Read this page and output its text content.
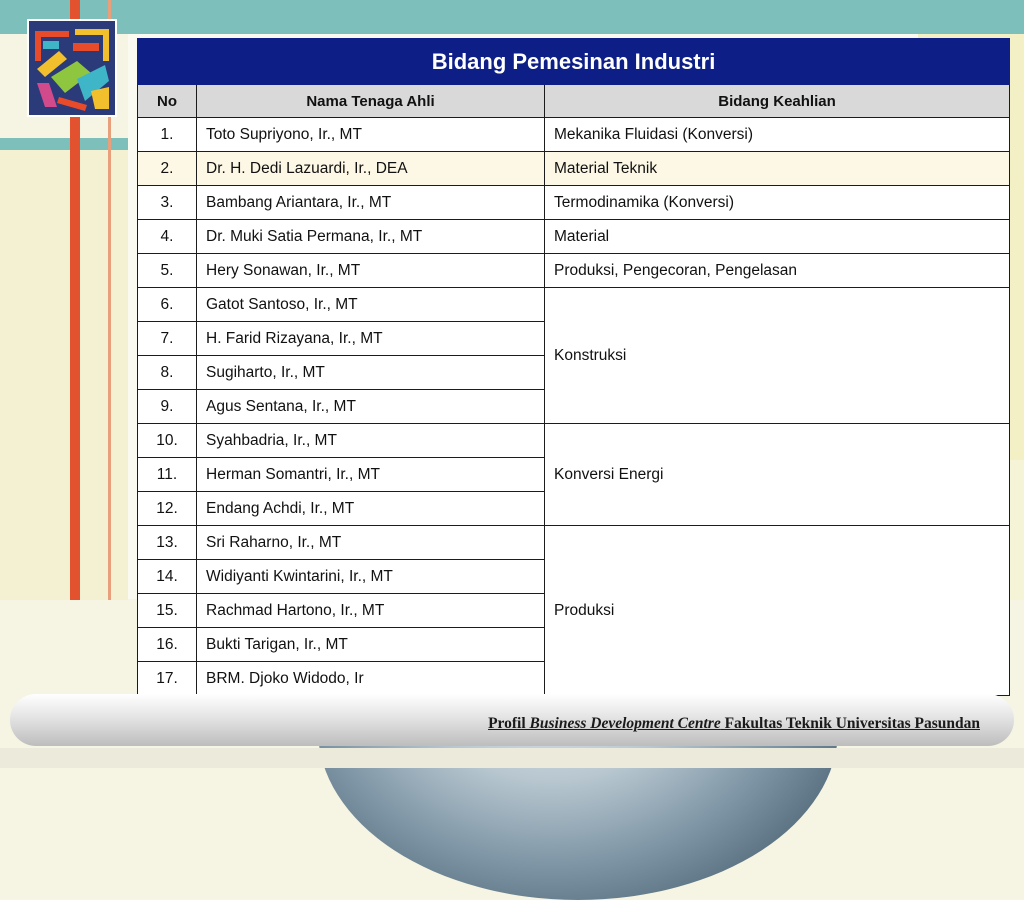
Bidang Pemesinan Industri		
No	Nama Tenaga Ahli	Bidang Keahlian
1.	Toto Supriyono, Ir., MT	Mekanika Fluidasi (Konversi)
2.	Dr. H. Dedi Lazuardi, Ir., DEA	Material Teknik
3.	Bambang Ariantara, Ir., MT	Termodinamika (Konversi)
4.	Dr. Muki Satia Permana, Ir., MT	Material
5.	Hery Sonawan, Ir., MT	Produksi, Pengecoran, Pengelasan
6.	Gatot Santoso, Ir., MT	Konstruksi
7.	H. Farid Rizayana, Ir., MT	
8.	Sugiharto, Ir., MT	
9.	Agus Sentana, Ir., MT	
10.	Syahbadria, Ir., MT	Konversi Energi
11.	Herman Somantri, Ir., MT	
12.	Endang Achdi, Ir., MT	
13.	Sri Raharno, Ir., MT	Produksi
14.	Widiyanti Kwintarini, Ir., MT	
15.	Rachmad Hartono, Ir., MT	
16.	Bukti Tarigan, Ir., MT	
17.	BRM. Djoko Widodo, Ir	
Profil Business Development Centre Fakultas Teknik Universitas Pasundan
